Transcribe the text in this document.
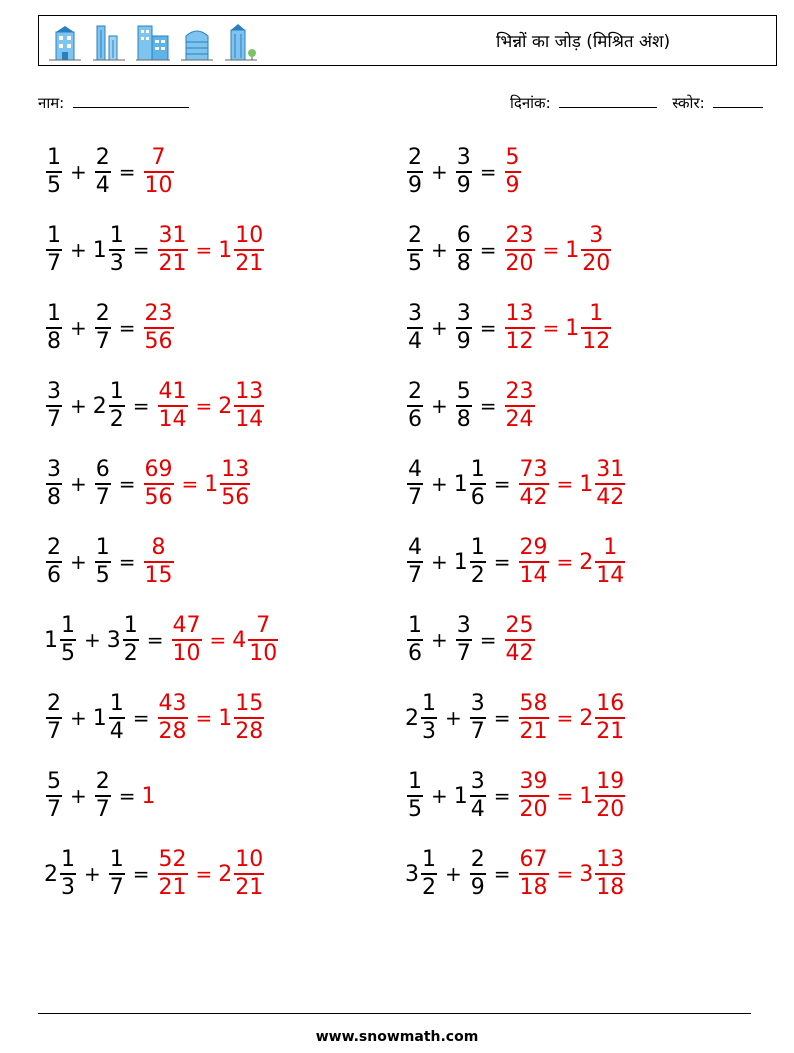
भिन्नों का जोड़ (मिश्रित अंश)
नाम:	दिनांक:	स्कोर:
$\frac{1}{5} + \frac{2}{4} = \frac{7}{10}$	$\frac{2}{9} + \frac{3}{9} = \frac{5}{9}$
$\frac{1}{7} + 1 \frac{1}{3} = \frac{31}{21} = 1 \frac{10}{21}$	$\frac{2}{5} + \frac{6}{8} = \frac{23}{20} = 1 \frac{3}{20}$
$\frac{1}{8} + \frac{2}{7} = \frac{23}{56}$	$\frac{3}{4} + \frac{3}{9} = \frac{13}{12} = 1 \frac{1}{12}$
$\frac{3}{7} + 2 \frac{1}{2} = \frac{41}{14} = 2 \frac{13}{14}$	$\frac{2}{6} + \frac{5}{8} = \frac{23}{24}$
$\frac{3}{8} + \frac{6}{7} = \frac{69}{56} = 1 \frac{13}{56}$	$\frac{4}{7} + 1 \frac{1}{6} = \frac{73}{42} = 1 \frac{31}{42}$
$\frac{2}{6} + \frac{1}{5} = \frac{8}{15}$	$\frac{4}{7} + 1 \frac{1}{2} = \frac{29}{14} = 2 \frac{1}{14}$
$1 \frac{1}{5} + 3 \frac{1}{2} = \frac{47}{10} = 4 \frac{7}{10}$	$\frac{1}{6} + \frac{3}{7} = \frac{25}{42}$
$\frac{2}{7} + 1 \frac{1}{4} = \frac{43}{28} = 1 \frac{15}{28}$	$2 \frac{1}{3} + \frac{3}{7} = \frac{58}{21} = 2 \frac{16}{21}$
$\frac{5}{7} + \frac{2}{7} = 1$	$\frac{1}{5} + 1 \frac{3}{4} = \frac{39}{20} = 1 \frac{19}{20}$
$2 \frac{1}{3} + \frac{1}{7} = \frac{52}{21} = 2 \frac{10}{21}$	$3 \frac{1}{2} + \frac{2}{9} = \frac{67}{18} = 3 \frac{13}{18}$
www.snowmath.com
